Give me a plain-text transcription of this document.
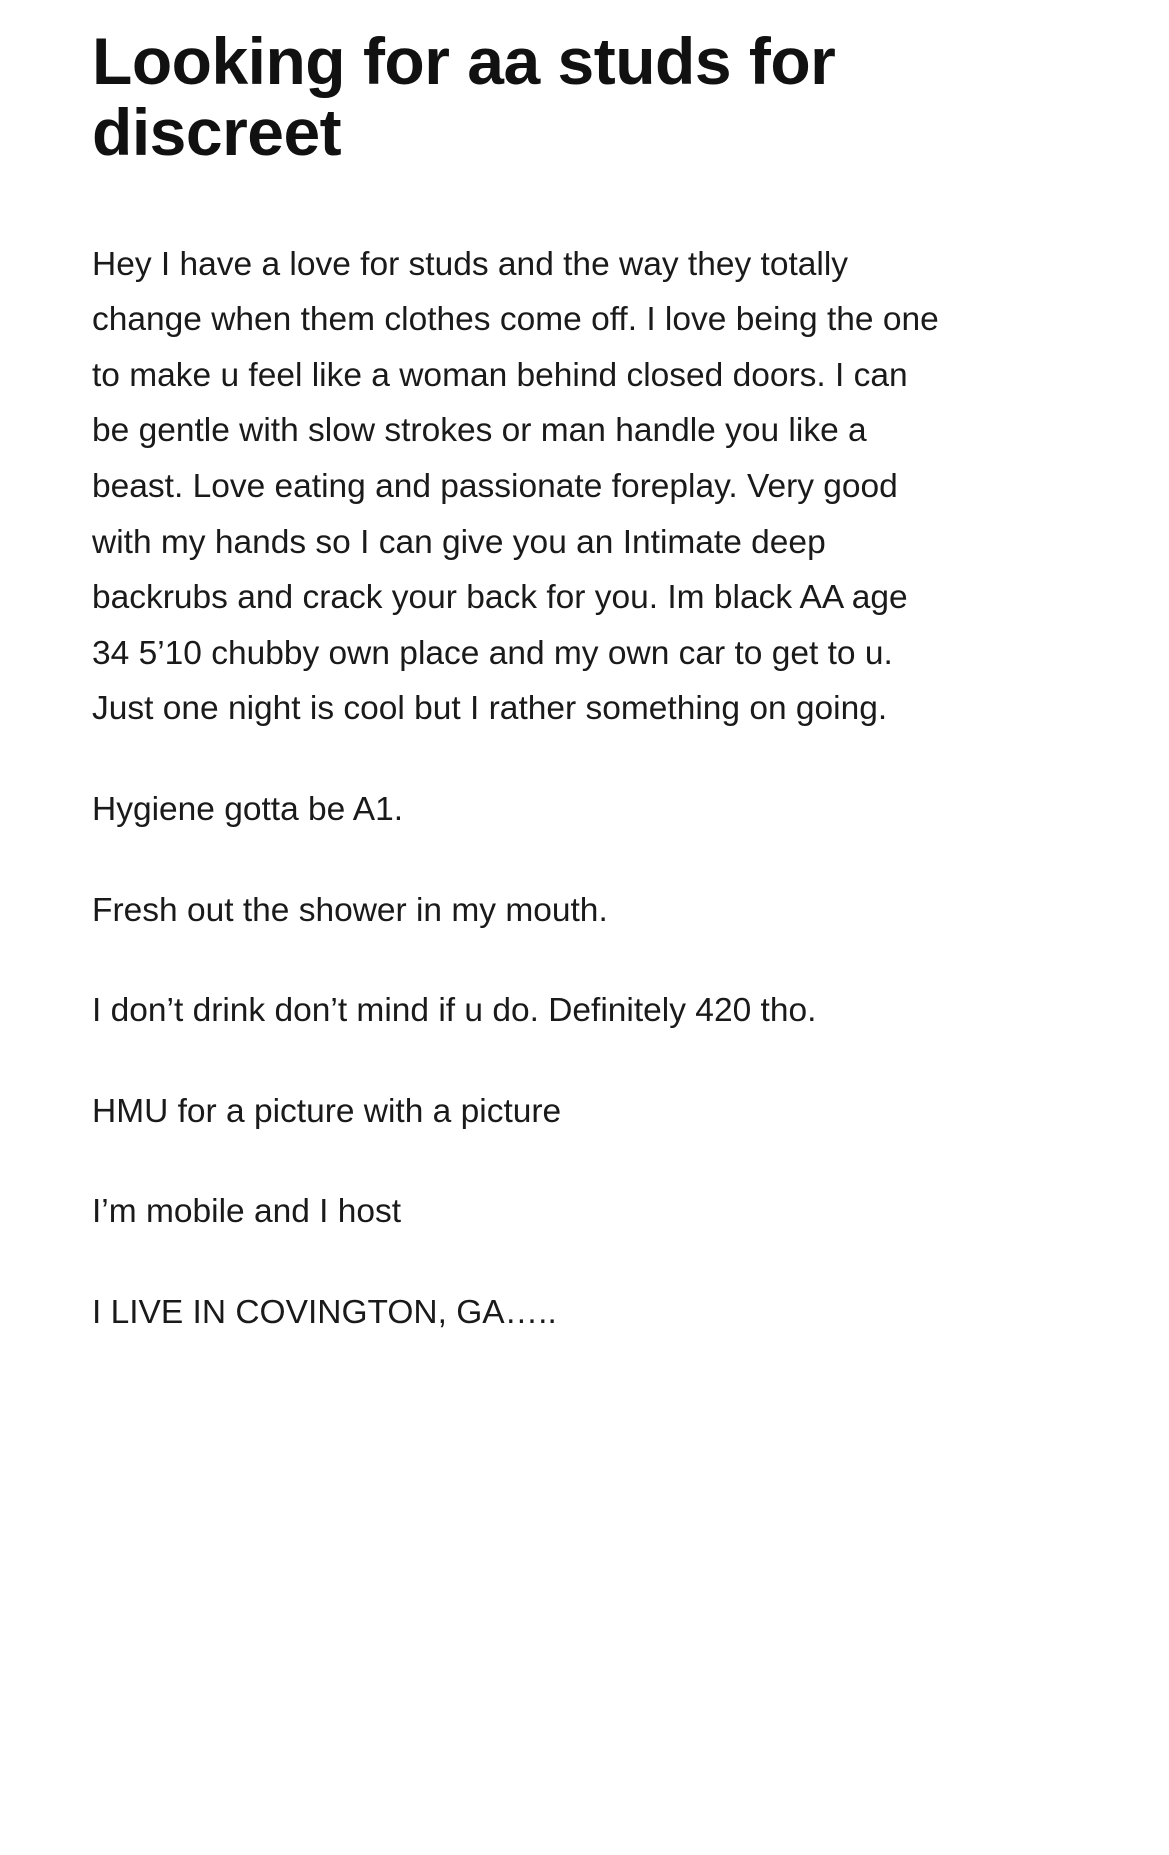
Looking for aa studs for discreet

Hey I have a love for studs and the way they totally change when them clothes come off. I love being the one to make u feel like a woman behind closed doors. I can be gentle with slow strokes or man handle you like a beast. Love eating and passionate foreplay. Very good with my hands so I can give you an Intimate deep backrubs and crack your back for you. Im black AA age 34 5’10 chubby own place and my own car to get to u. Just one night is cool but I rather something on going.

Hygiene gotta be A1.

Fresh out the shower in my mouth.

I don’t drink don’t mind if u do. Definitely 420 tho.

HMU for a picture with a picture

I’m mobile and I host

I LIVE IN COVINGTON, GA…..
